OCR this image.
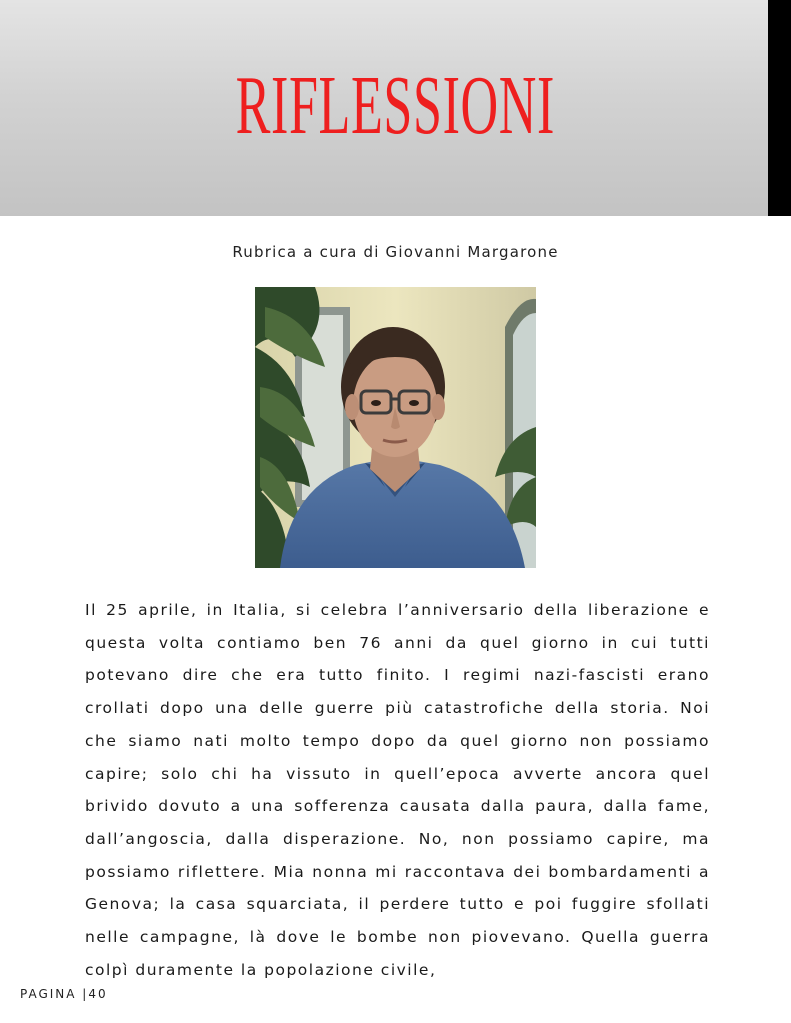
RIFLESSIONI
Rubrica a cura di Giovanni Margarone

Il 25 aprile, in Italia, si celebra l’anniversario della liberazione e questa volta contiamo ben 76 anni da quel giorno in cui tutti potevano dire che era tutto finito. I regimi nazi-fascisti erano crollati dopo una delle guerre più catastrofiche della storia. Noi che siamo nati molto tempo dopo da quel giorno non possiamo capire; solo chi ha vissuto in quell’epoca avverte ancora quel brivido dovuto a una sofferenza causata dalla paura, dalla fame, dall’angoscia, dalla disperazione. No, non possiamo capire, ma possiamo riflettere. Mia nonna mi raccontava dei bombardamenti a Genova; la casa squarciata, il perdere tutto e poi fuggire sfollati nelle campagne, là dove le bombe non piovevano. Quella guerra colpì duramente la popolazione civile,

PAGINA |40
